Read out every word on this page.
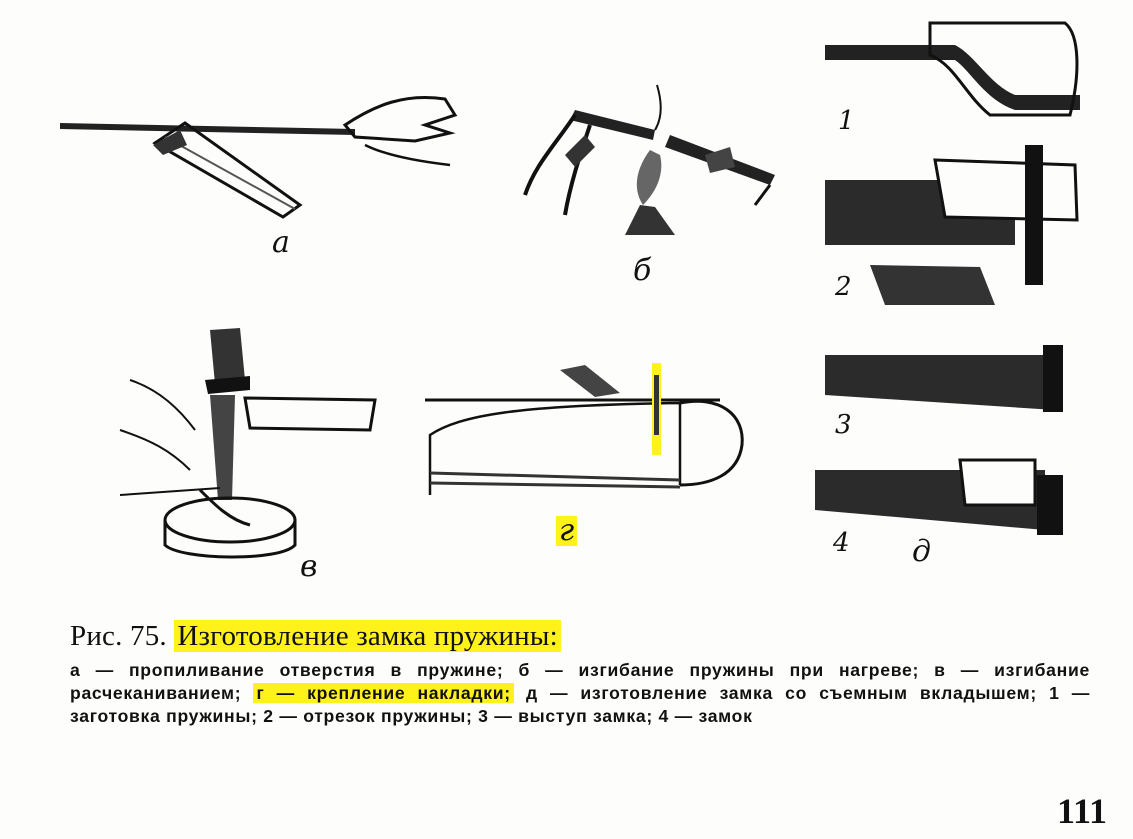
а
б
в
г
1
2
3
4 д
Рис. 75. Изготовление замка пружины:
а — пропиливание отверстия в пружине; б — изгибание пружины при нагреве; в — изгибание расчеканиванием; г — крепление накладки; д — изготовление замка со съемным вкладышем; 1 — заготовка пружины; 2 — отрезок пружины; 3 — выступ замка; 4 — замок
111
